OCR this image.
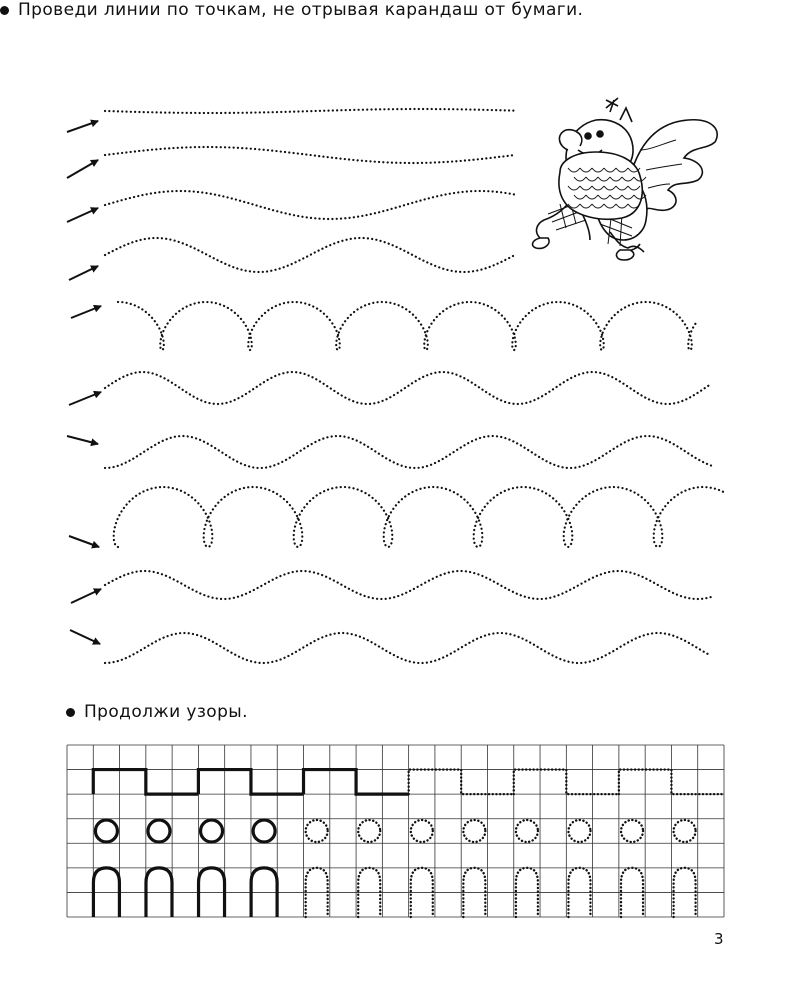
Проведи линии по точкам, не отрывая карандаш от бумаги.
Продолжи узоры.
3
